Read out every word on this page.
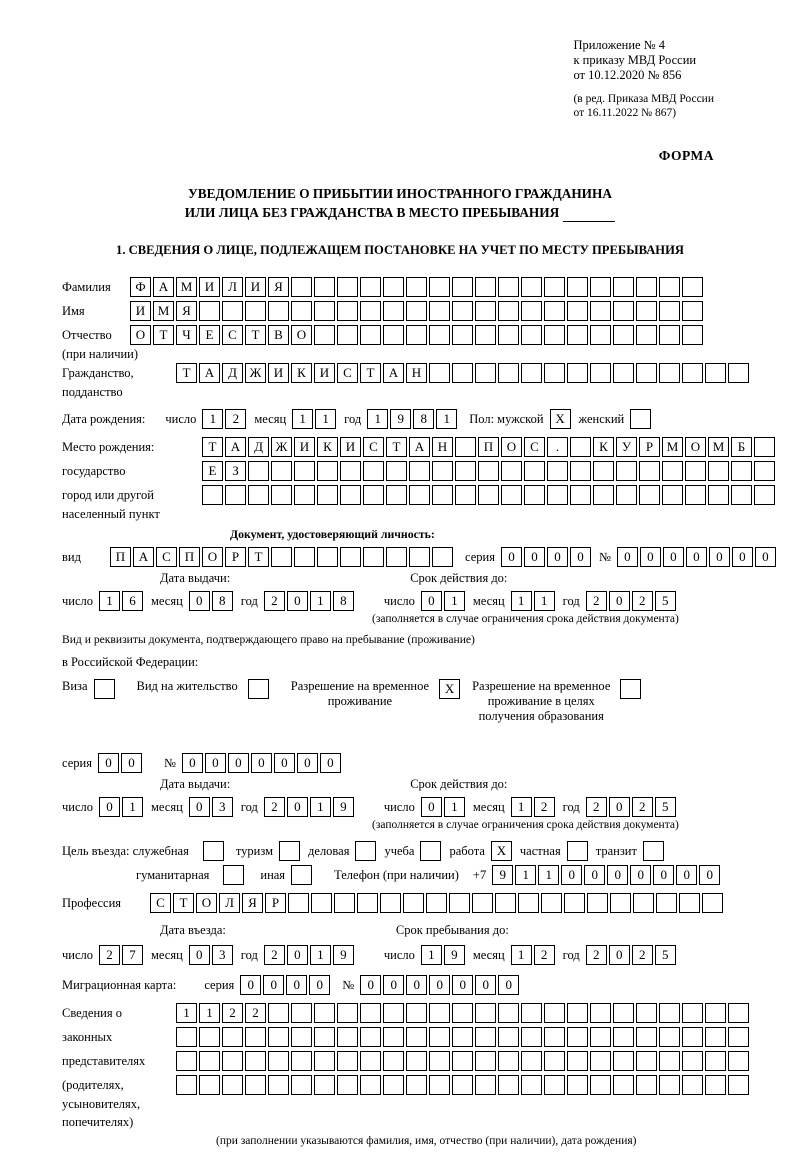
Приложение № 4
к приказу МВД России
от 10.12.2020 № 856
(в ред. Приказа МВД России
от 16.11.2022 № 867)
ФОРМА
УВЕДОМЛЕНИЕ О ПРИБЫТИИ ИНОСТРАННОГО ГРАЖДАНИНА
ИЛИ ЛИЦА БЕЗ ГРАЖДАНСТВА В МЕСТО ПРЕБЫВАНИЯ
1. СВЕДЕНИЯ О ЛИЦЕ, ПОДЛЕЖАЩЕМ ПОСТАНОВКЕ НА УЧЕТ ПО МЕСТУ ПРЕБЫВАНИЯ
Фамилия	Ф	А М И	Л	И	Я
Имя	И М Я
Отчество	О	Т	Ч	Е	С	Т	В	О
(при наличии)
Гражданство,	Т	А	Д Ж И	К	И	С	Т	А	Н
подданство
Дата рождения: число	1	2	месяц	1	1	год	1	9	8	1	Пол: мужской Х	женский
Место рождения:	Т	А	Д Ж И	К	И	С	Т	А	Н	П	О	С	.	К	У	Р	М О М	Б
государство	Е	З
город или другой
населенный пункт
Документ, удостоверяющий личность:
вид	П	А	С	П	О	Р	Т	серия	0	0	0	0	№	0	0	0	0	0	0	0
Дата выдачи:	Срок действия до:
число	1	6	месяц	0	8	год	2	0	1	8	число	0	1	месяц	1	1	год	2	0	2	5
(заполняется в случае ограничения срока действия документа)
Вид и реквизиты документа, подтверждающего право на пребывание (проживание)
в Российской Федерации:
Виза	Вид на жительство	Разрешение на временное
проживание
Х	Разрешение на временное
проживание в целях
получения образования
серия	0	0	№	0	0	0	0	0	0	0
Дата выдачи:	Срок действия до:
число	0	1	месяц	0	3	год	2	0	1	9	число	0	1	месяц	1	2	год	2	0	2	5
(заполняется в случае ограничения срока действия документа)
Цель въезда: служебная	туризм	деловая	учеба	работа Х	частная	транзит
гуманитарная	иная	Телефон (при наличии) +7	9	1	1	0	0	0	0	0	0	0
Профессия	С	Т	О	Л	Я	Р
Дата въезда:	Срок пребывания до:
число	2	7	месяц	0	3	год	2	0	1	9	число	1	9	месяц	1	2	год	2	0	2	5
Миграционная карта: серия	0	0	0	0	№	0	0	0	0	0	0	0
Сведения о	1	1	2	2
законных
представителях
(родителях,
усыновителях,
попечителях)
(при заполнении указываются фамилия, имя, отчество (при наличии), дата рождения)
